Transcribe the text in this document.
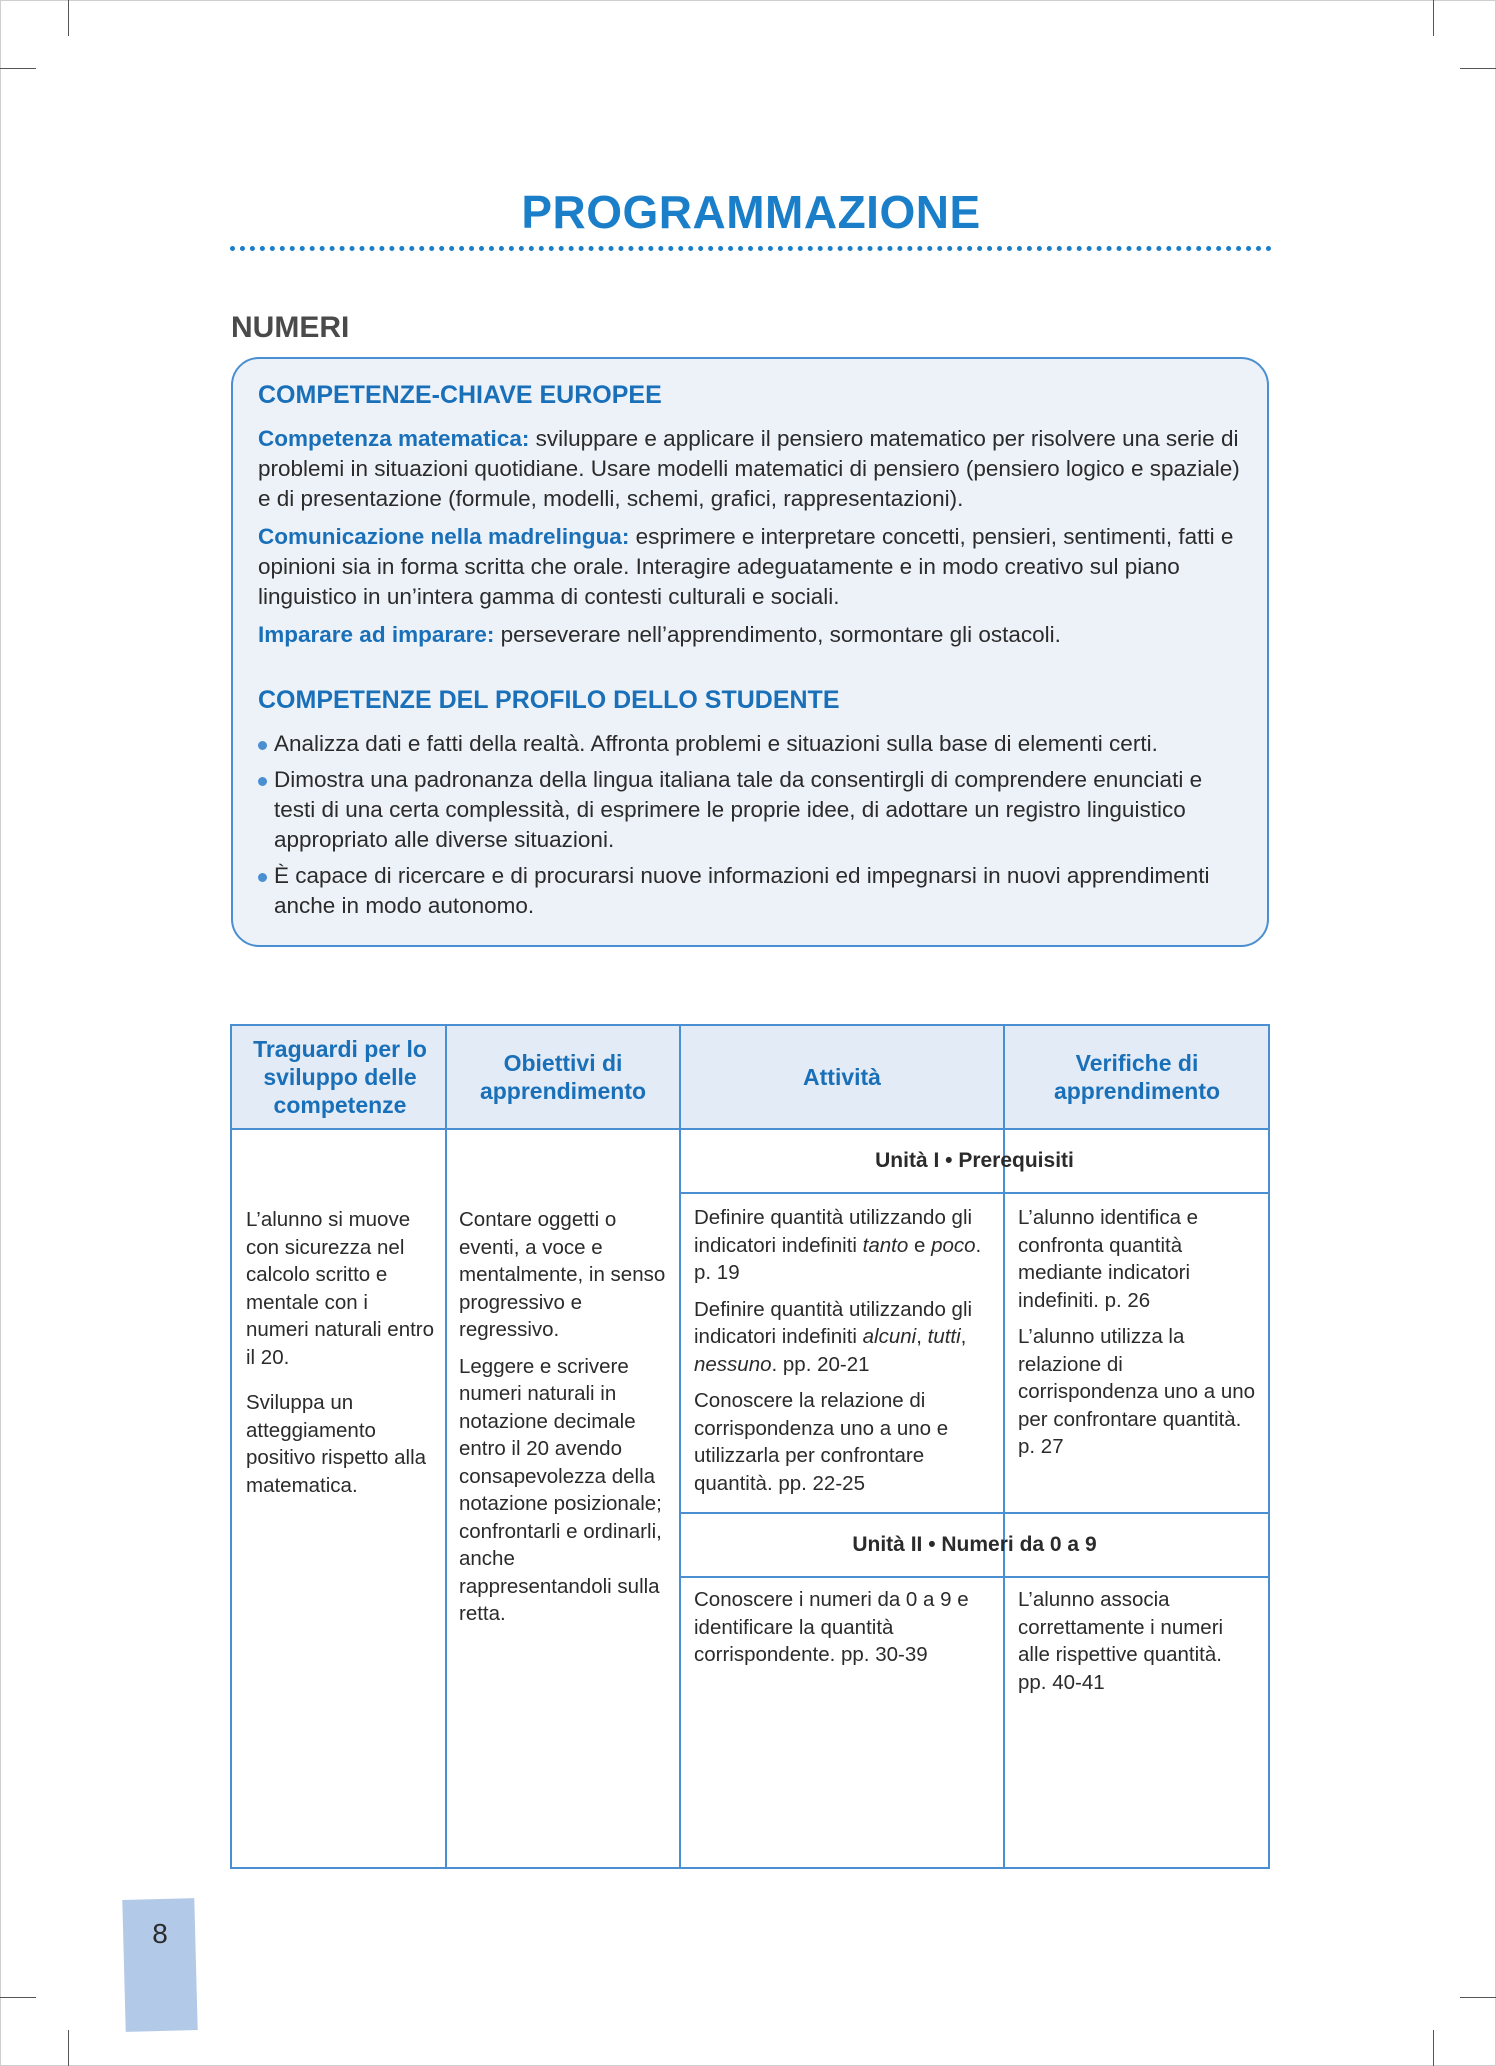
PROGRAMMAZIONE
NUMERI
COMPETENZE-CHIAVE EUROPEE

Competenza matematica: sviluppare e applicare il pensiero matematico per risolvere una serie di problemi in situazioni quotidiane. Usare modelli matematici di pensiero (pensiero logico e spaziale) e di presentazione (formule, modelli, schemi, grafici, rappresentazioni).

Comunicazione nella madrelingua: esprimere e interpretare concetti, pensieri, sentimenti, fatti e opinioni sia in forma scritta che orale. Interagire adeguatamente e in modo creativo sul piano linguistico in un’intera gamma di contesti culturali e sociali.

Imparare ad imparare: perseverare nell’apprendimento, sormontare gli ostacoli.

COMPETENZE DEL PROFILO DELLO STUDENTE
Analizza dati e fatti della realtà. Affronta problemi e situazioni sulla base di elementi certi.
Dimostra una padronanza della lingua italiana tale da consentirgli di comprendere enunciati e testi di una certa complessità, di esprimere le proprie idee, di adottare un registro linguistico appropriato alle diverse situazioni.
È capace di ricercare e di procurarsi nuove informazioni ed impegnarsi in nuovi apprendimenti anche in modo autonomo.
Traguardi per lo sviluppo delle competenze
Obiettivi di apprendimento
Attività
Verifiche di apprendimento

L’alunno si muove con sicurezza nel calcolo scritto e mentale con i numeri naturali entro il 20.

Sviluppa un atteggiamento positivo rispetto alla matematica.

Contare oggetti o eventi, a voce e mentalmente, in senso progressivo e regressivo.

Leggere e scrivere numeri naturali in notazione decimale entro il 20 avendo consapevolezza della notazione posizionale; confrontarli e ordinarli, anche rappresentandoli sulla retta.

Unità I • Prerequisiti

Definire quantità utilizzando gli indicatori indefiniti tanto e poco. p. 19

Definire quantità utilizzando gli indicatori indefiniti alcuni, tutti, nessuno. pp. 20-21

Conoscere la relazione di corrispondenza uno a uno e utilizzarla per confrontare quantità. pp. 22-25

L’alunno identifica e confronta quantità mediante indicatori indefiniti. p. 26

L’alunno utilizza la relazione di corrispondenza uno a uno per confrontare quantità. p. 27

Unità II • Numeri da 0 a 9

Conoscere i numeri da 0 a 9 e identificare la quantità corrispondente. pp. 30-39

L’alunno associa correttamente i numeri alle rispettive quantità. pp. 40-41

8
